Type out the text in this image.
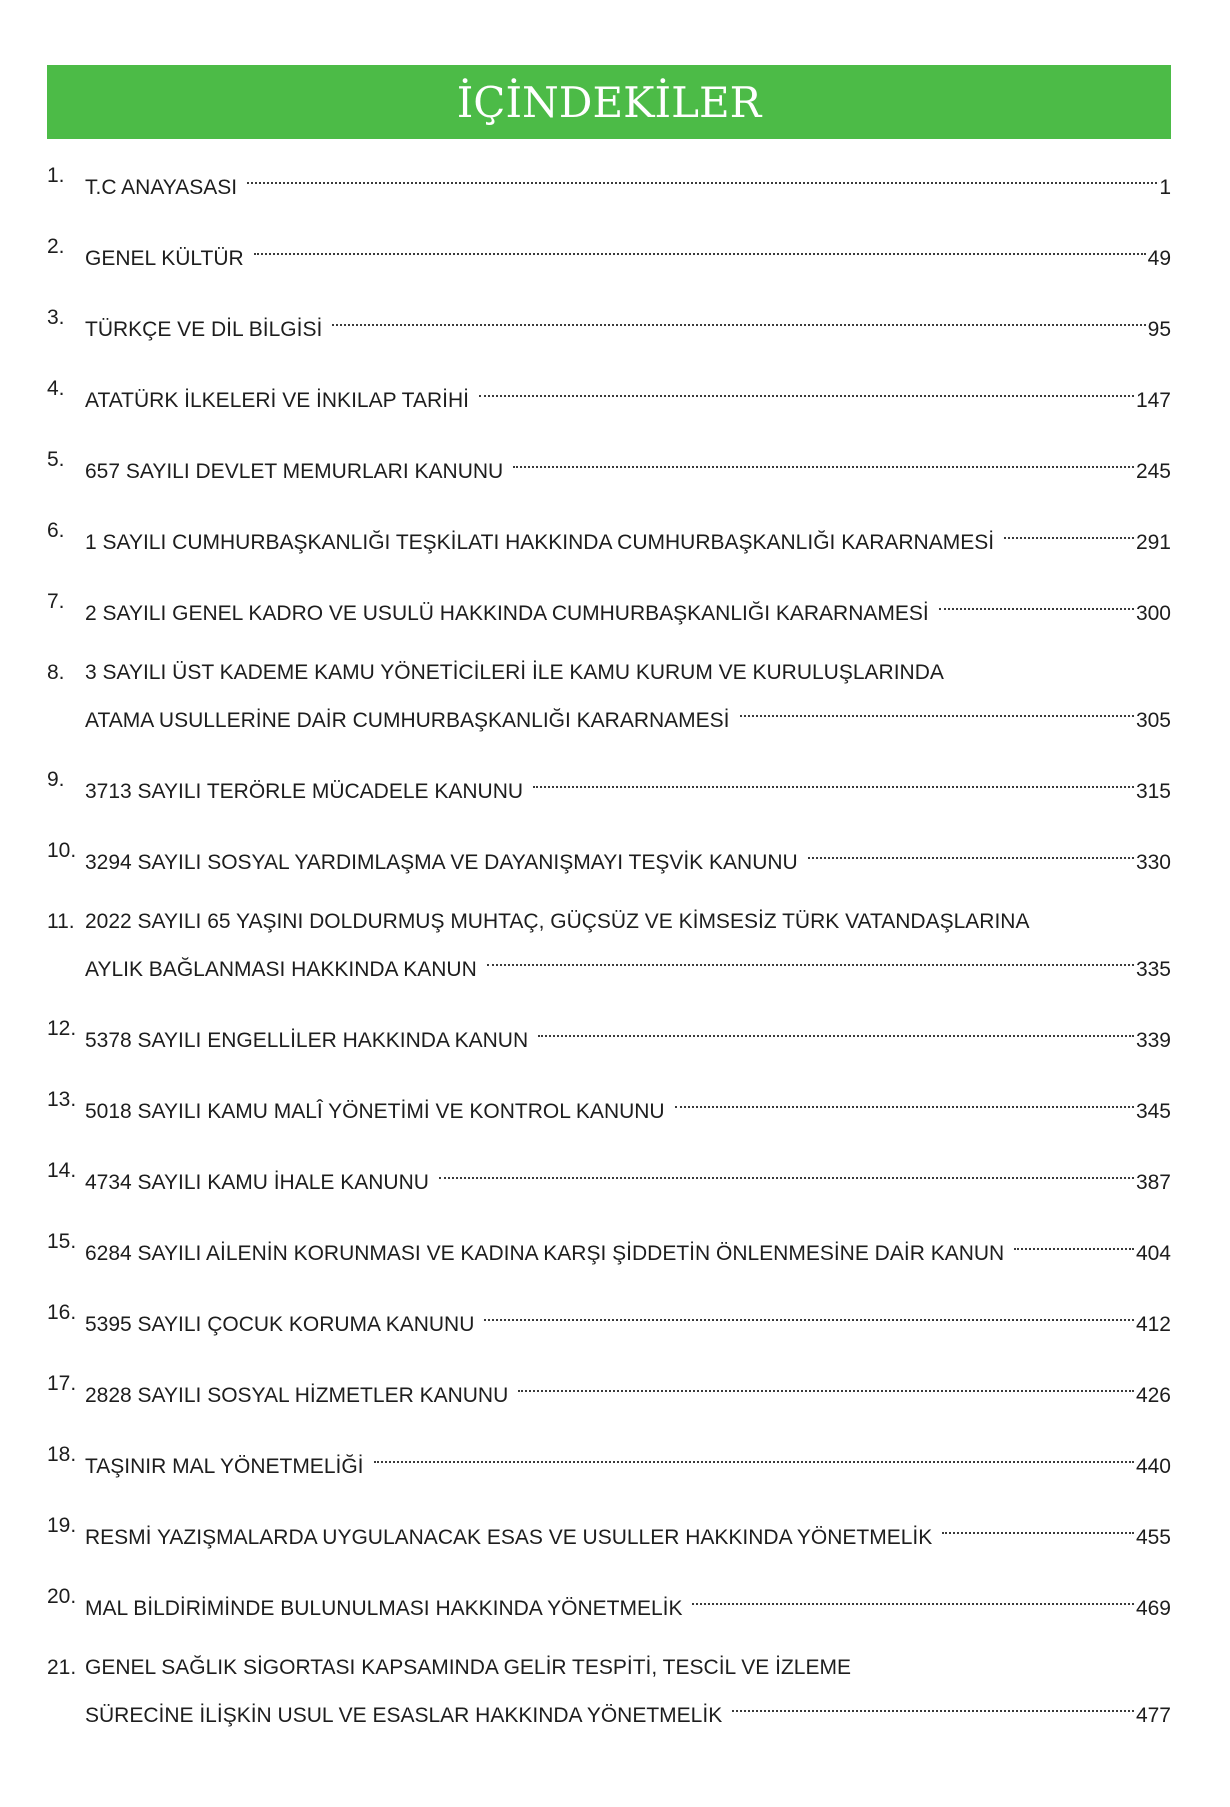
İÇİNDEKİLER
1.
T.C ANAYASASI	1
2.
GENEL KÜLTÜR	49
3.
TÜRKÇE VE DİL BİLGİSİ	95
4.
ATATÜRK İLKELERİ VE İNKILAP TARİHİ	147
5.
657 SAYILI DEVLET MEMURLARI KANUNU	245
6.
1 SAYILI CUMHURBAŞKANLIĞI TEŞKİLATI HAKKINDA CUMHURBAŞKANLIĞI KARARNAMESİ	291
7.
2 SAYILI GENEL KADRO VE USULÜ HAKKINDA CUMHURBAŞKANLIĞI KARARNAMESİ	300
8. 3 SAYILI ÜST KADEME KAMU YÖNETİCİLERİ İLE KAMU KURUM VE KURULUŞLARINDA
ATAMA USULLERİNE DAİR CUMHURBAŞKANLIĞI KARARNAMESİ	305
9.
3713 SAYILI TERÖRLE MÜCADELE KANUNU	315
10.
3294 SAYILI SOSYAL YARDIMLAŞMA VE DAYANIŞMAYI TEŞVİK KANUNU	330
11. 2022 SAYILI 65 YAŞINI DOLDURMUŞ MUHTAÇ, GÜÇSÜZ VE KİMSESİZ TÜRK VATANDAŞLARINA
AYLIK BAĞLANMASI HAKKINDA KANUN	335
12.
5378 SAYILI ENGELLİLER HAKKINDA KANUN	339
13.
5018 SAYILI KAMU MALÎ YÖNETİMİ VE KONTROL KANUNU	345
14.
4734 SAYILI KAMU İHALE KANUNU	387
15.
6284 SAYILI AİLENİN KORUNMASI VE KADINA KARŞI ŞİDDETİN ÖNLENMESİNE DAİR KANUN	404
16.
5395 SAYILI ÇOCUK KORUMA KANUNU	412
17.
2828 SAYILI SOSYAL HİZMETLER KANUNU	426
18.
TAŞINIR MAL YÖNETMELİĞİ	440
19.
RESMİ YAZIŞMALARDA UYGULANACAK ESAS VE USULLER HAKKINDA YÖNETMELİK	455
20.
MAL BİLDİRİMİNDE BULUNULMASI HAKKINDA YÖNETMELİK	469
21. GENEL SAĞLIK SİGORTASI KAPSAMINDA GELİR TESPİTİ, TESCİL VE İZLEME
SÜRECİNE İLİŞKİN USUL VE ESASLAR HAKKINDA YÖNETMELİK	477
